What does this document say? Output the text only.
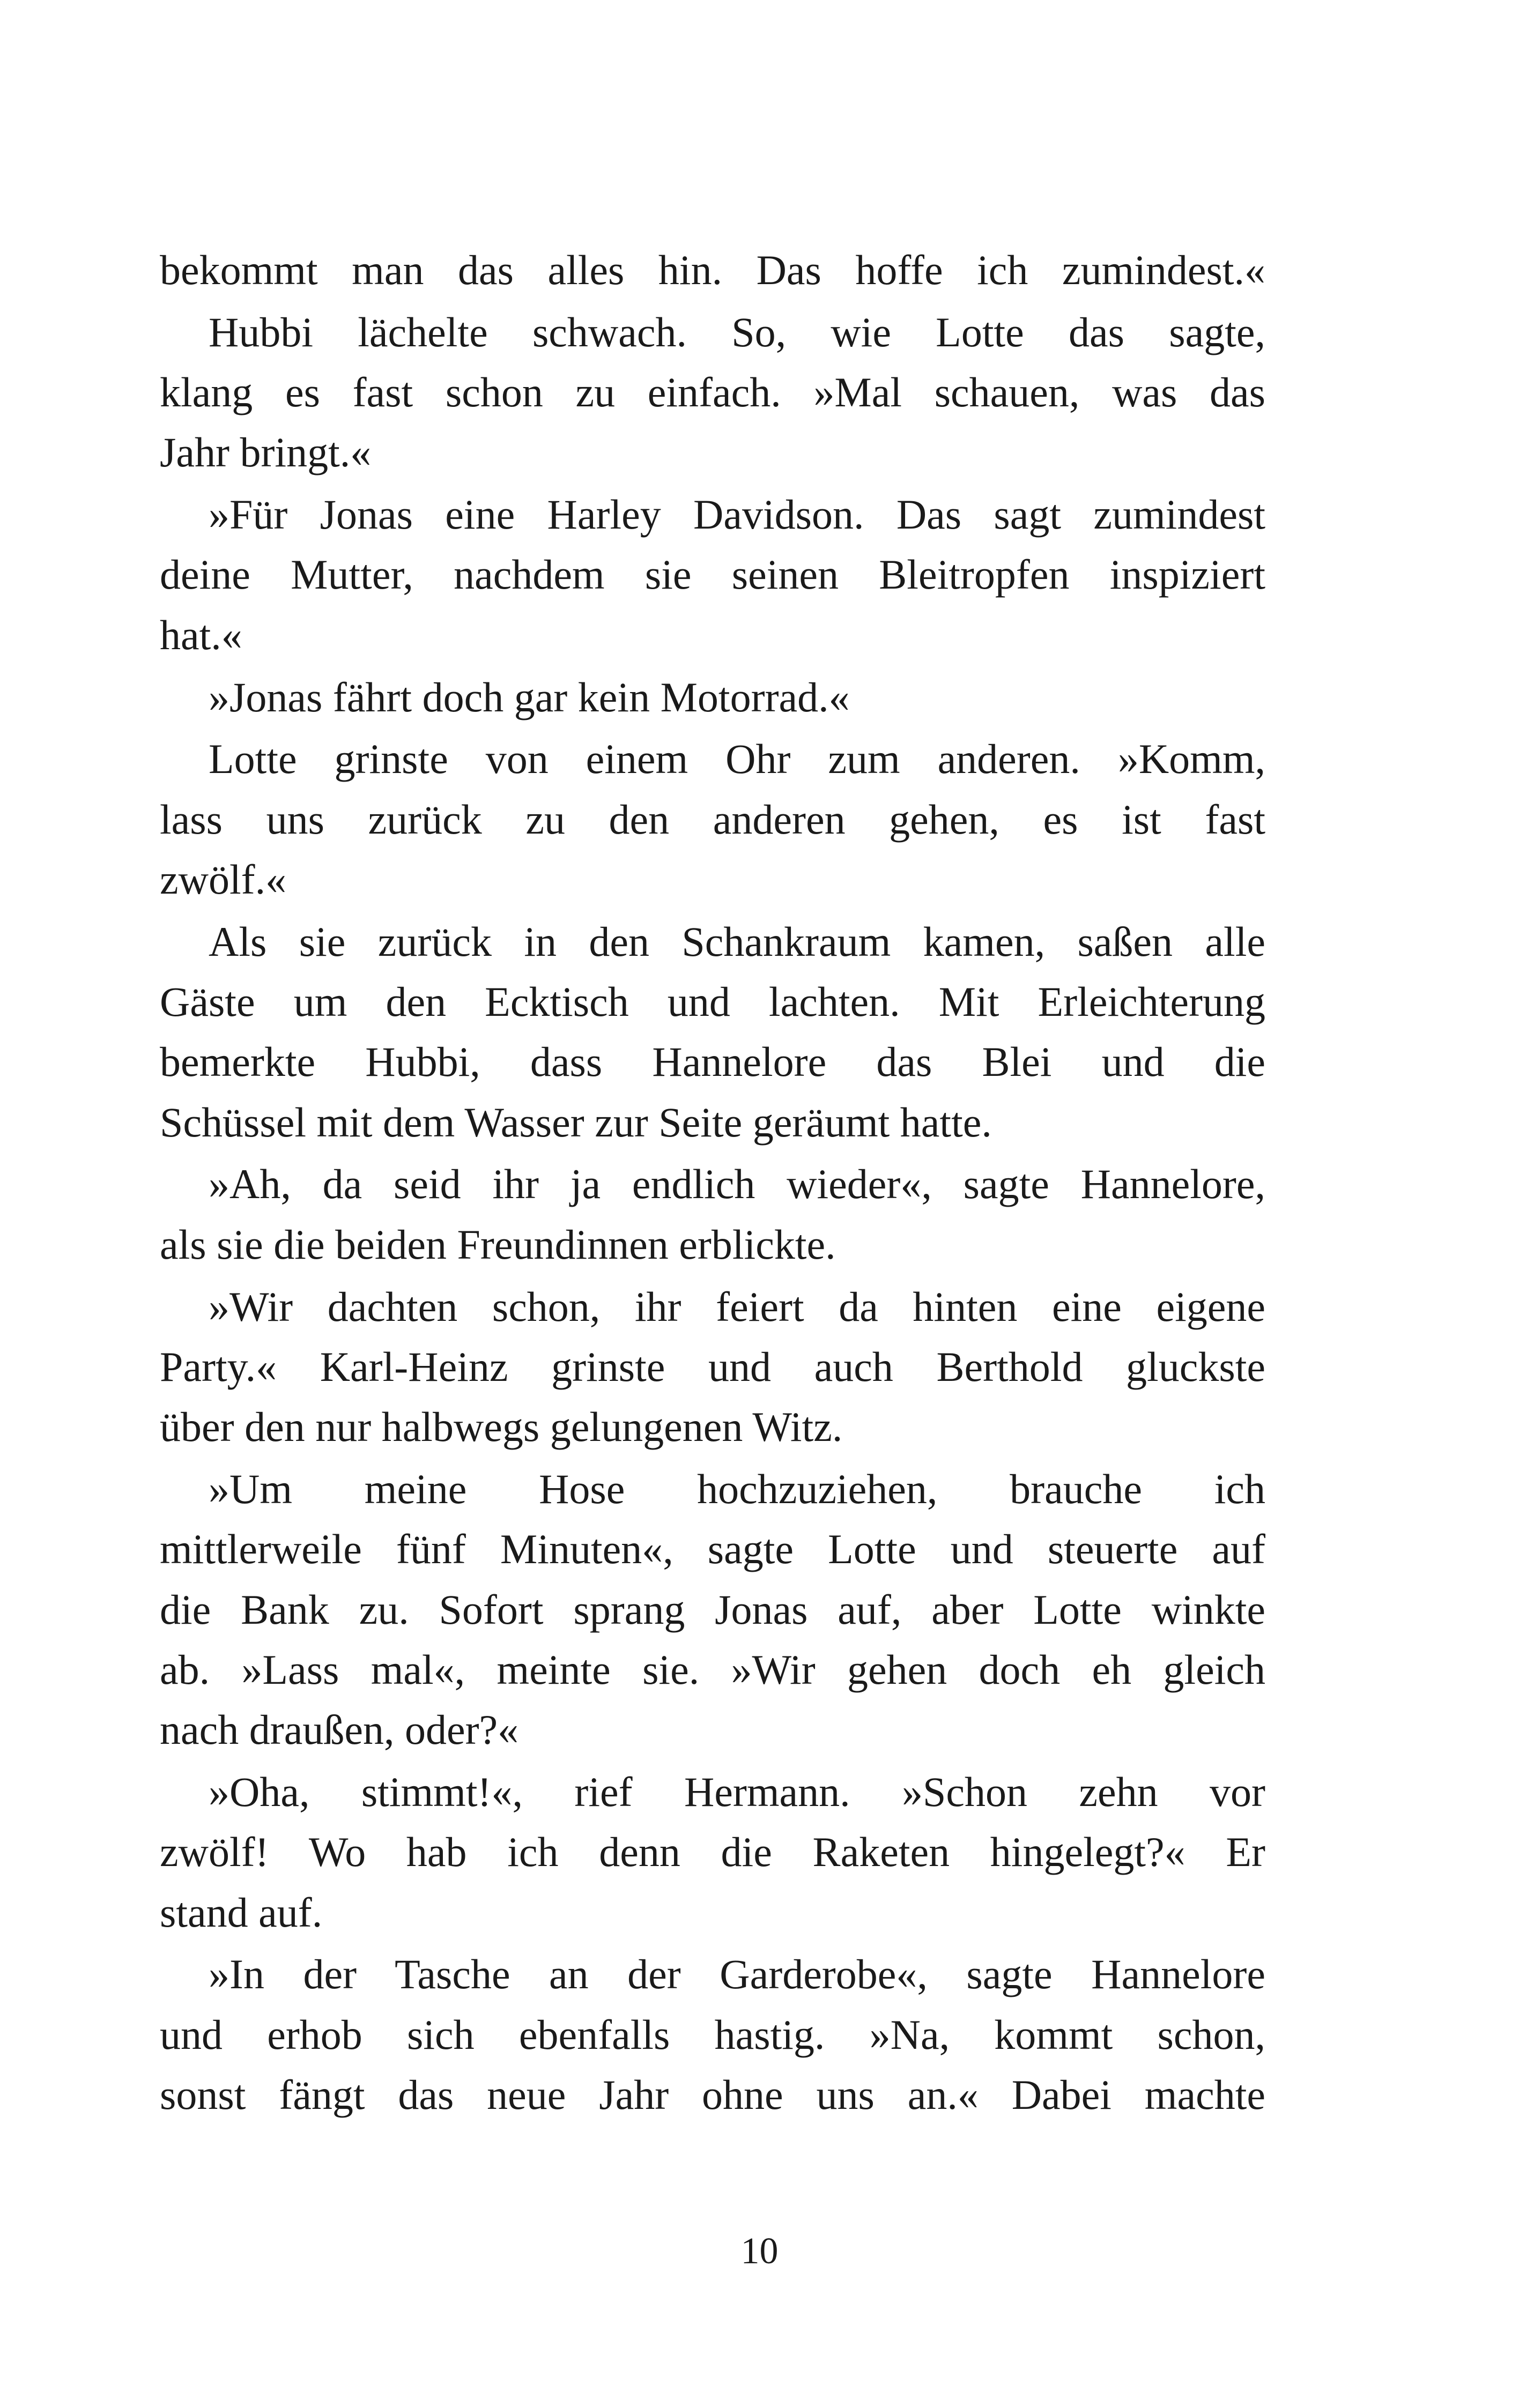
bekommt man das alles hin. Das hoffe ich zumindest.«
Hubbi lächelte schwach. So, wie Lotte das sagte,
klang es fast schon zu einfach. »Mal schauen, was das
Jahr bringt.«
»Für Jonas eine Harley Davidson. Das sagt zumindest
deine Mutter, nachdem sie seinen Bleitropfen inspiziert
hat.«
»Jonas fährt doch gar kein Motorrad.«
Lotte grinste von einem Ohr zum anderen. »Komm,
lass uns zurück zu den anderen gehen, es ist fast
zwölf.«
Als sie zurück in den Schankraum kamen, saßen alle
Gäste um den Ecktisch und lachten. Mit Erleichterung
bemerkte Hubbi, dass Hannelore das Blei und die
Schüssel mit dem Wasser zur Seite geräumt hatte.
»Ah, da seid ihr ja endlich wieder«, sagte Hannelore,
als sie die beiden Freundinnen erblickte.
»Wir dachten schon, ihr feiert da hinten eine eigene
Party.« Karl-Heinz grinste und auch Berthold gluckste
über den nur halbwegs gelungenen Witz.
»Um meine Hose hochzuziehen, brauche ich
mittlerweile fünf Minuten«, sagte Lotte und steuerte auf
die Bank zu. Sofort sprang Jonas auf, aber Lotte winkte
ab. »Lass mal«, meinte sie. »Wir gehen doch eh gleich
nach draußen, oder?«
»Oha, stimmt!«, rief Hermann. »Schon zehn vor
zwölf! Wo hab ich denn die Raketen hingelegt?« Er
stand auf.
»In der Tasche an der Garderobe«, sagte Hannelore
und erhob sich ebenfalls hastig. »Na, kommt schon,
sonst fängt das neue Jahr ohne uns an.« Dabei machte
10
